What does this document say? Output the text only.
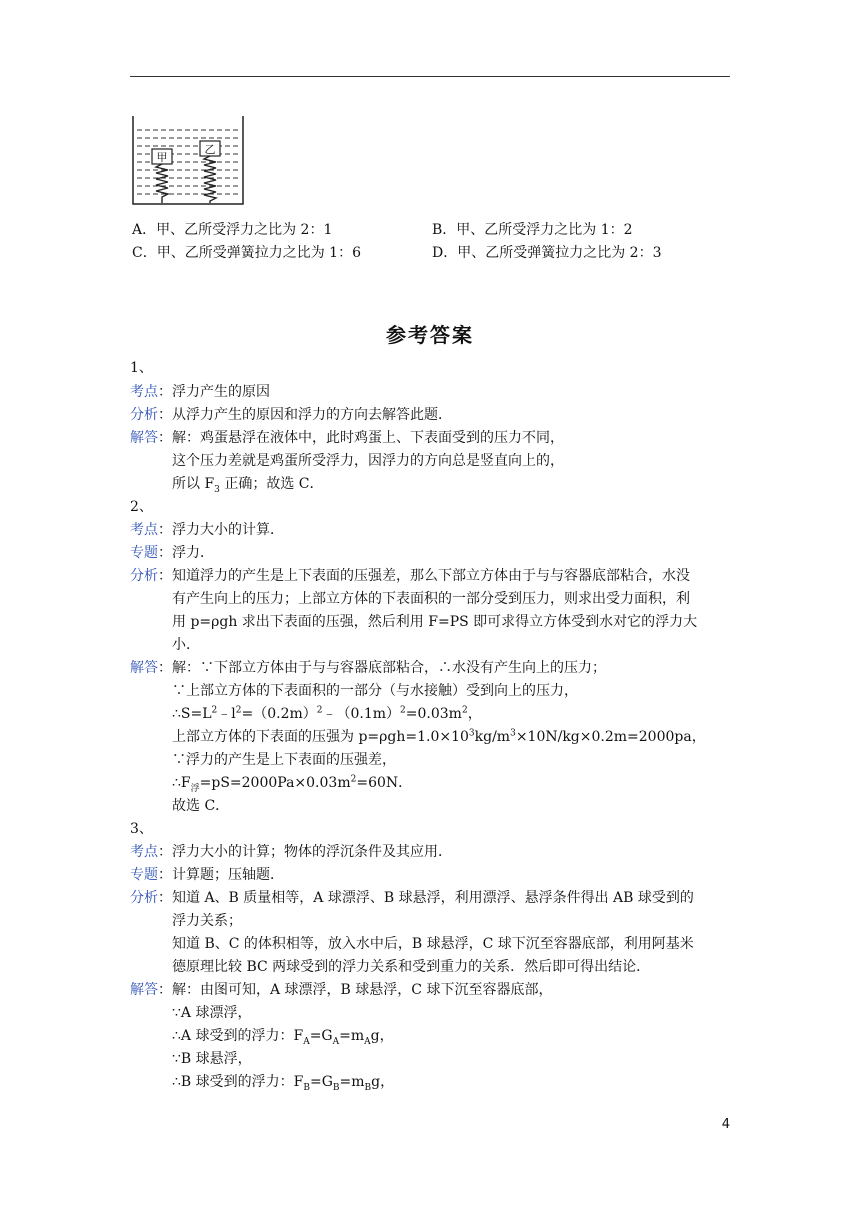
甲
乙
A．甲、乙所受浮力之比为 2：1	B．甲、乙所受浮力之比为 1：2
C．甲、乙所受弹簧拉力之比为 1：6	D．甲、乙所受弹簧拉力之比为 2：3
参考答案
1、
考点：浮力产生的原因
分析：从浮力产生的原因和浮力的方向去解答此题．
解答：解：鸡蛋悬浮在液体中，此时鸡蛋上、下表面受到的压力不同，
这个压力差就是鸡蛋所受浮力，因浮力的方向总是竖直向上的，
所以 $F_3$ 正确；故选 C．
2、
考点：浮力大小的计算．
专题：浮力．
分析：知道浮力的产生是上下表面的压强差，那么下部立方体由于与与容器底部粘合，水没
有产生向上的压力；上部立方体的下表面积的一部分受到压力，则求出受力面积，利
用 p=ρgh 求出下表面的压强，然后利用 F=PS 即可求得立方体受到水对它的浮力大
小．
解答：解：∵下部立方体由于与与容器底部粘合，∴水没有产生向上的压力；
∵上部立方体的下表面积的一部分（与水接触）受到向上的压力，
$\therefore S=L^2﹣l^2=(0.2m)^2﹣(0.1m)^2=0.03m^2$，
上部立方体的下表面的压强为 $p=\rho gh=1.0\times 10^3kg/m^3\times 10N/kg\times 0.2m=2000pa$，
∵浮力的产生是上下表面的压强差，
$\therefore F_浮=pS=2000Pa\times 0.03m^2=60N$．
故选 C．
3、
考点：浮力大小的计算；物体的浮沉条件及其应用．
专题：计算题；压轴题．
分析：知道 A、B 质量相等，A 球漂浮、B 球悬浮，利用漂浮、悬浮条件得出 AB 球受到的
浮力关系；
知道 B、C 的体积相等，放入水中后，B 球悬浮，C 球下沉至容器底部，利用阿基米
德原理比较 BC 两球受到的浮力关系和受到重力的关系．然后即可得出结论．
解答：解：由图可知，A 球漂浮，B 球悬浮，C 球下沉至容器底部，
∵A 球漂浮，
∴A 球受到的浮力：$F_A=G_A=m_Ag$，
∵B 球悬浮，
∴B 球受到的浮力：$F_B=G_B=m_Bg$，
4
